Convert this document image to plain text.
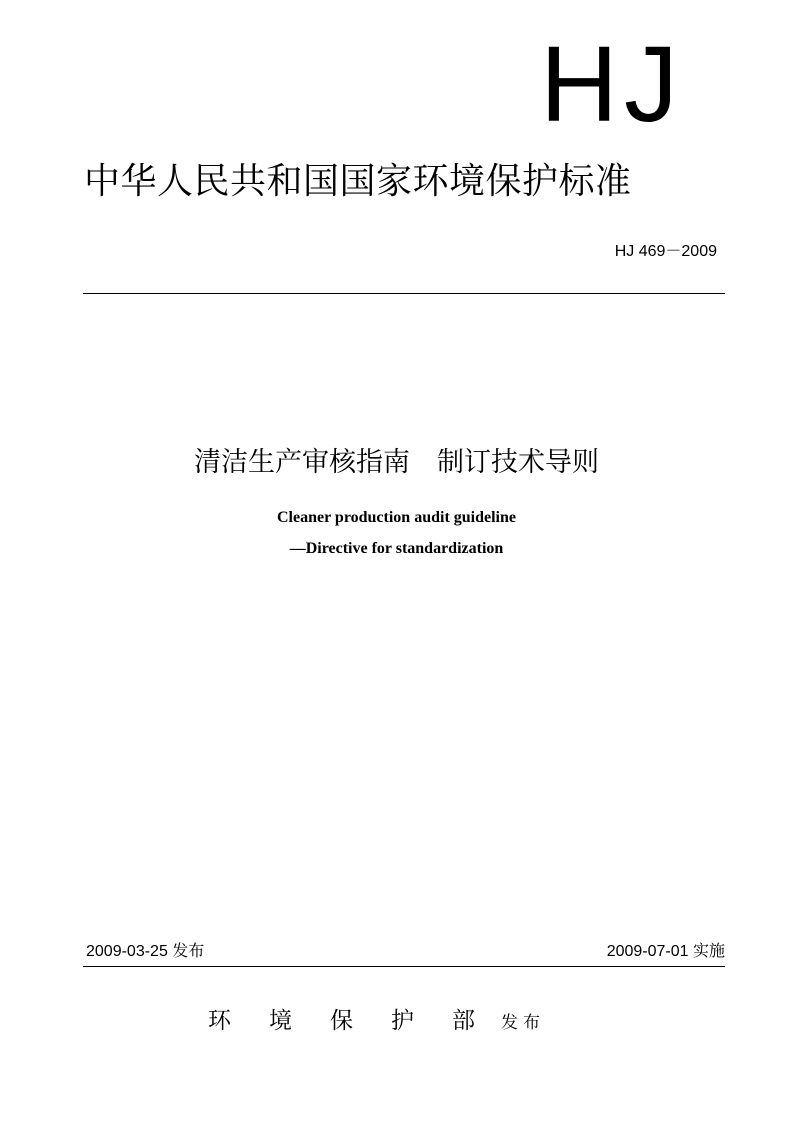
HJ
中华人民共和国国家环境保护标准
HJ 469－2009
清洁生产审核指南　制订技术导则
Cleaner production audit guideline
—Directive for standardization
2009-03-25 发布	2009-07-01 实施
环境保护部
发布
